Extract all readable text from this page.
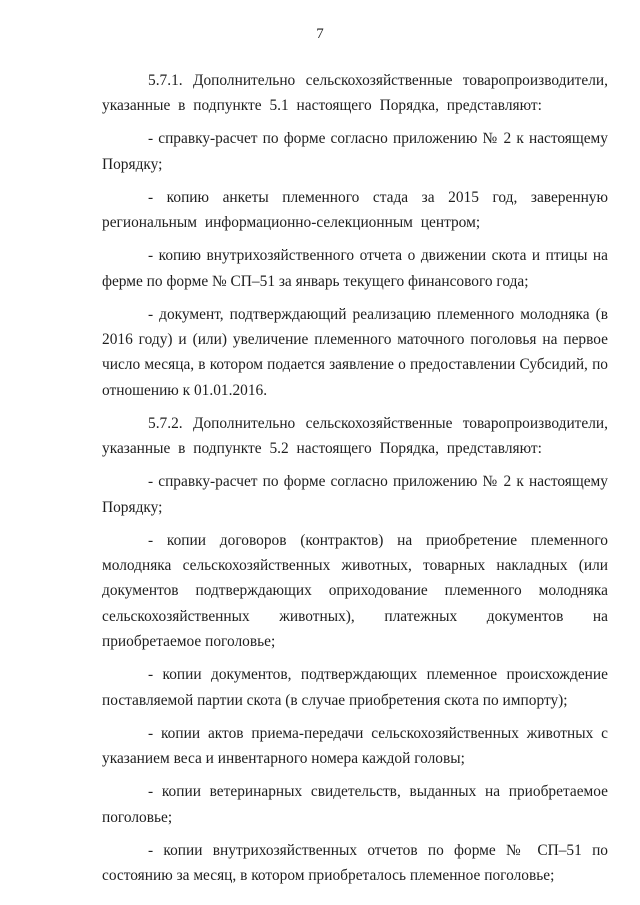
7

5.7.1. Дополнительно сельскохозяйственные товаропроизводители, указанные в подпункте 5.1 настоящего Порядка, представляют:

- справку-расчет по форме согласно приложению № 2 к настоящему Порядку;

- копию анкеты племенного стада за 2015 год, заверенную региональным информационно-селекционным центром;

- копию внутрихозяйственного отчета о движении скота и птицы на ферме по форме № СП–51 за январь текущего финансового года;

- документ, подтверждающий реализацию племенного молодняка (в 2016 году) и (или) увеличение племенного маточного поголовья на первое число месяца, в котором подается заявление о предоставлении Субсидий, по отношению к 01.01.2016.

5.7.2. Дополнительно сельскохозяйственные товаропроизводители, указанные в подпункте 5.2 настоящего Порядка, представляют:

- справку-расчет по форме согласно приложению № 2 к настоящему Порядку;

- копии договоров (контрактов) на приобретение племенного молодняка сельскохозяйственных животных, товарных накладных (или документов подтверждающих оприходование племенного молодняка сельскохозяйственных животных), платежных документов на приобретаемое поголовье;

- копии документов, подтверждающих племенное происхождение поставляемой партии скота (в случае приобретения скота по импорту);

- копии актов приема-передачи сельскохозяйственных животных с указанием веса и инвентарного номера каждой головы;

- копии ветеринарных свидетельств, выданных на приобретаемое поголовье;

- копии внутрихозяйственных отчетов по форме № СП–51 по состоянию за месяц, в котором приобреталось племенное поголовье;
